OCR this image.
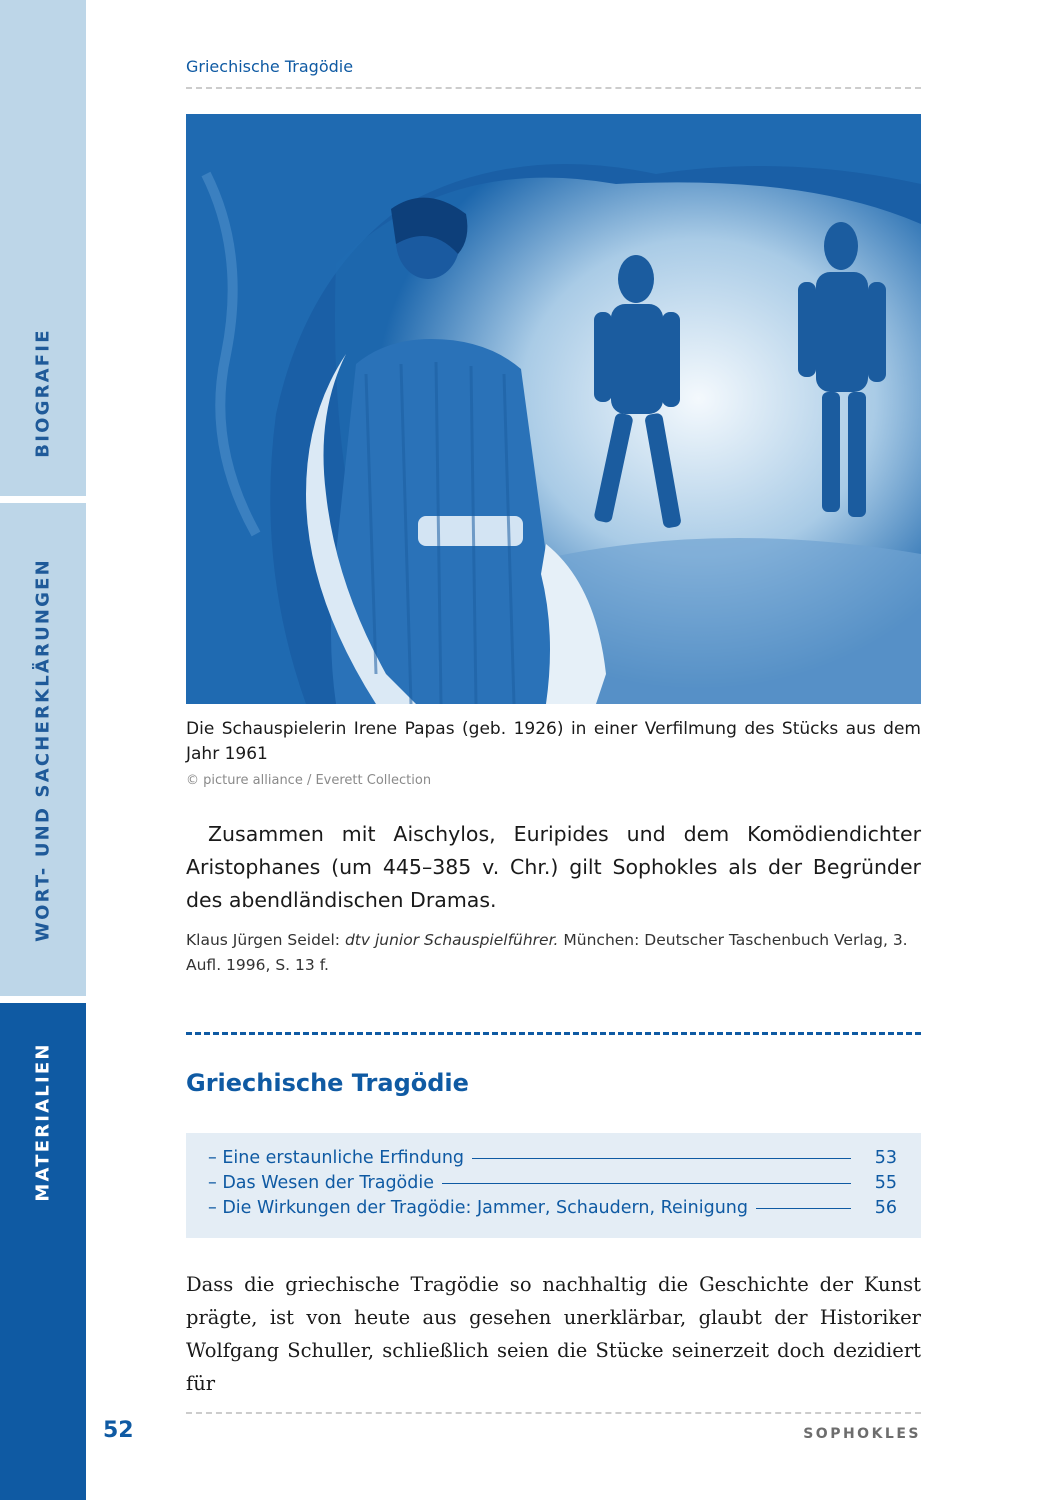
BIOGRAFIE
WORT- UND SACHERKLÄRUNGEN
MATERIALIEN
Griechische Tragödie
Die Schauspielerin Irene Papas (geb. 1926) in einer Verfilmung des Stücks aus dem Jahr 1961
© picture alliance / Everett Collection

Zusammen mit Aischylos, Euripides und dem Komödiendichter Aristophanes (um 445–385 v. Chr.) gilt Sophokles als der Begründer des abendländischen Dramas.

Klaus Jürgen Seidel: dtv junior Schauspielführer. München: Deutscher Taschenbuch Verlag, 3. Aufl. 1996, S. 13 f.
Griechische Tragödie
– Eine erstaunliche Erfindung	53
– Das Wesen der Tragödie	55
– Die Wirkungen der Tragödie: Jammer, Schaudern, Reinigung	56
Dass die griechische Tragödie so nachhaltig die Geschichte der Kunst prägte, ist von heute aus gesehen unerklärbar, glaubt der Historiker Wolfgang Schuller, schließlich seien die Stücke seinerzeit doch dezidiert für
52	SOPHOKLES
